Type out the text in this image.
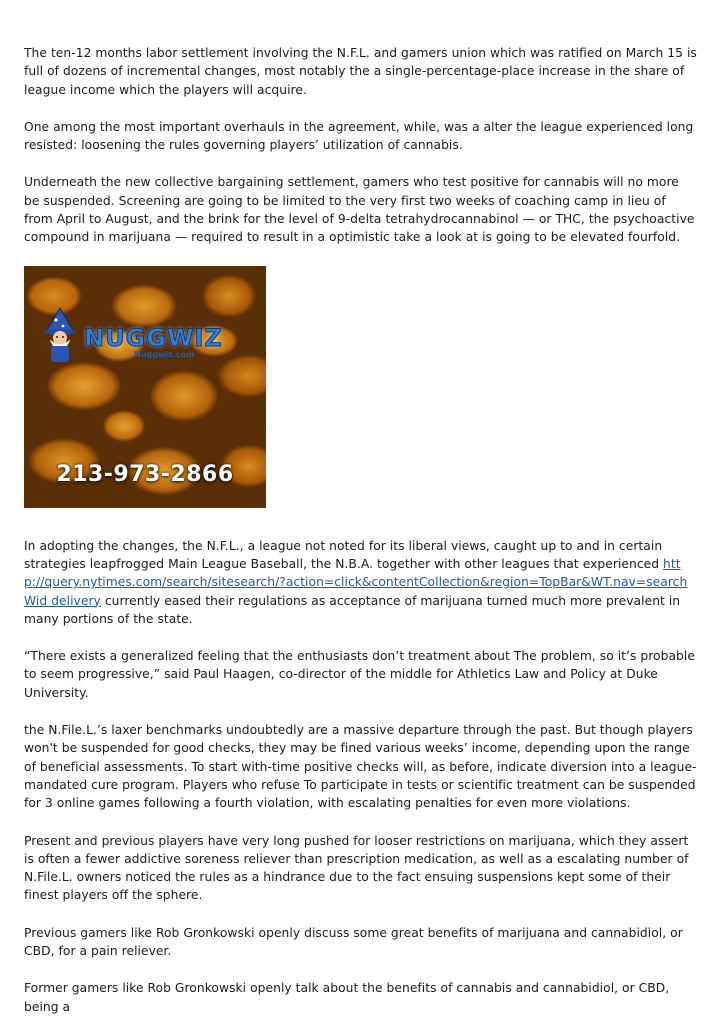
The ten-12 months labor settlement involving the N.F.L. and gamers union which was ratified on March 15 is full of dozens of incremental changes, most notably the a single-percentage-place increase in the share of league income which the players will acquire.

One among the most important overhauls in the agreement, while, was a alter the league experienced long resisted: loosening the rules governing players’ utilization of cannabis.

Underneath the new collective bargaining settlement, gamers who test positive for cannabis will no more be suspended. Screening are going to be limited to the very first two weeks of coaching camp in lieu of from April to August, and the brink for the level of 9-delta tetrahydrocannabinol — or THC, the psychoactive compound in marijuana — required to result in a optimistic take a look at is going to be elevated fourfold.

NUGGWIZ
Nuggwiz.com
213-973-2866

In adopting the changes, the N.F.L., a league not noted for its liberal views, caught up to and in certain strategies leapfrogged Main League Baseball, the N.B.A. together with other leagues that experienced http://query.nytimes.com/search/sitesearch/?action=click&contentCollection&region=TopBar&WT.nav=searchWid delivery currently eased their regulations as acceptance of marijuana turned much more prevalent in many portions of the state.

“There exists a generalized feeling that the enthusiasts don’t treatment about The problem, so it’s probable to seem progressive,” said Paul Haagen, co-director of the middle for Athletics Law and Policy at Duke University.

the N.File.L.’s laxer benchmarks undoubtedly are a massive departure through the past. But though players won't be suspended for good checks, they may be fined various weeks’ income, depending upon the range of beneficial assessments. To start with-time positive checks will, as before, indicate diversion into a league-mandated cure program. Players who refuse To participate in tests or scientific treatment can be suspended for 3 online games following a fourth violation, with escalating penalties for even more violations.

Present and previous players have very long pushed for looser restrictions on marijuana, which they assert is often a fewer addictive soreness reliever than prescription medication, as well as a escalating number of N.File.L. owners noticed the rules as a hindrance due to the fact ensuing suspensions kept some of their finest players off the sphere.

Previous gamers like Rob Gronkowski openly discuss some great benefits of marijuana and cannabidiol, or CBD, for a pain reliever.

Former gamers like Rob Gronkowski openly talk about the benefits of cannabis and cannabidiol, or CBD, being a
